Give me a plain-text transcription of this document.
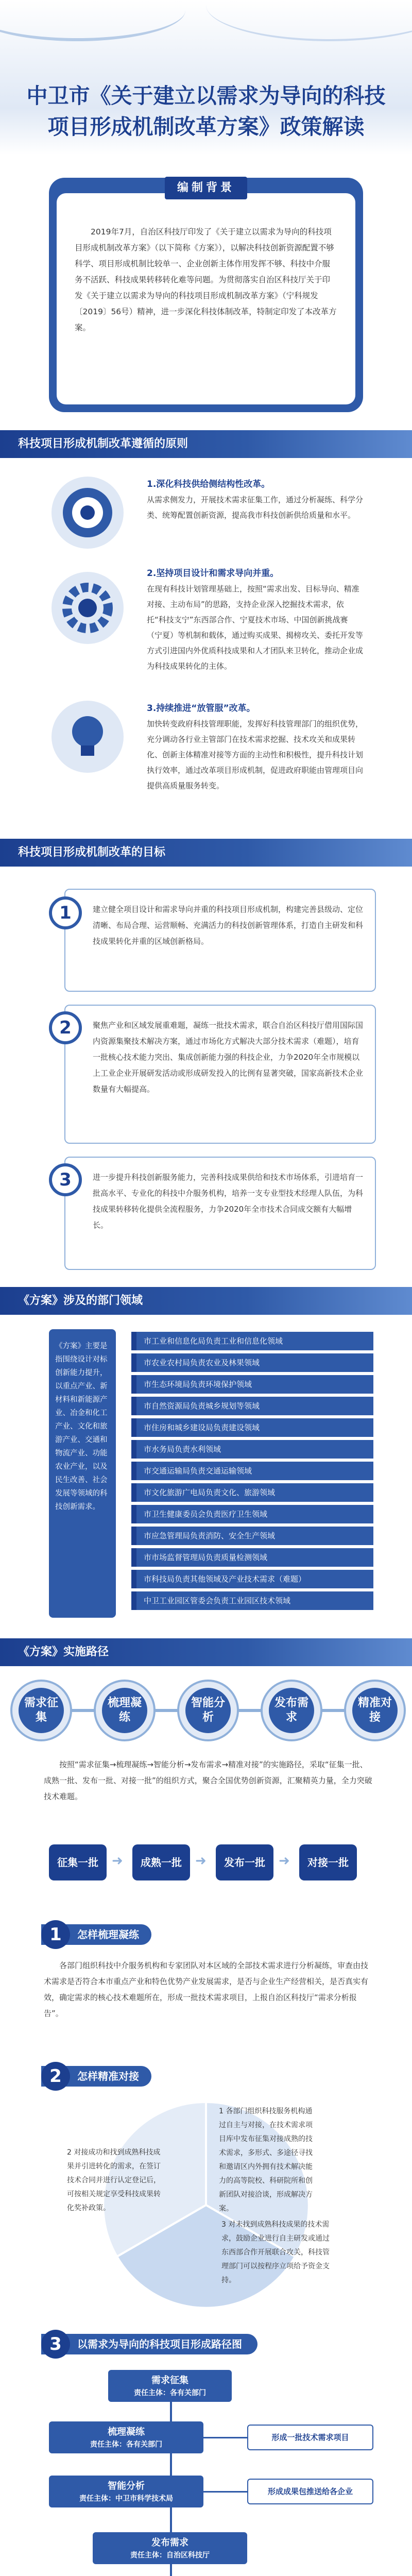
中卫市《关于建立以需求为导向的科技
项目形成机制改革方案》政策解读
2019年7月，自治区科技厅印发了《关于建立以需求为导向的科技项目形成机制改革方案》（以下简称《方案》），以解决科技创新资源配置不够科学、项目形成机制比较单一、企业创新主体作用发挥不够、科技中介服务不活跃、科技成果转移转化难等问题。为贯彻落实自治区科技厅关于印发《关于建立以需求为导向的科技项目形成机制改革方案》（宁科规发〔2019〕56号）精神，进一步深化科技体制改革，特制定印发了本改革方案。
编制背景
科技项目形成机制改革遵循的原则
1.深化科技供给侧结构性改革。
从需求侧发力，开展技术需求征集工作，通过分析凝练、科学分类、统筹配置创新资源，提高我市科技创新供给质量和水平。
2.坚持项目设计和需求导向并重。
在现有科技计划管理基础上，按照“需求出发、目标导向、精准对接、主动布局”的思路，支持企业深入挖掘技术需求，依托“科技支宁”东西部合作、宁夏技术市场、中国创新挑战赛（宁夏）等机制和载体，通过购买成果、揭榜攻关、委托开发等方式引进国内外优质科技成果和人才团队来卫转化，推动企业成为科技成果转化的主体。
3.持续推进“放管服”改革。
加快转变政府科技管理职能，发挥好科技管理部门的组织优势，充分调动各行业主管部门在技术需求挖掘、技术攻关和成果转化、创新主体精准对接等方面的主动性和积极性，提升科技计划执行效率，通过改革项目形成机制，促进政府职能由管理项目向提供高质量服务转变。
科技项目形成机制改革的目标
1	建立健全项目设计和需求导向并重的科技项目形成机制，构建完善县级动、定位清晰、布局合理、运营顺畅、充满活力的科技创新管理体系，打造自主研发和科技成果转化并重的区域创新格局。
2	聚焦产业和区域发展重难题，凝练一批技术需求，联合自治区科技厅借用国际国内资源集聚技术解决方案，通过市场化方式解决大部分技术需求（难题），培育一批核心技术能力突出、集成创新能力强的科技企业，力争2020年全市规模以上工业企业开展研发活动或形成研发投入的比例有显著突破，国家高新技术企业数量有大幅提高。
3	进一步提升科技创新服务能力，完善科技成果供给和技术市场体系，引进培育一批高水平、专业化的科技中介服务机构，培养一支专业型技术经理人队伍，为科技成果转移转化提供全流程服务，力争2020年全市技术合同成交额有大幅增长。
《方案》涉及的部门领域
《方案》主要是指围绕设计对标创新能力提升，以重点产业、新材料和新能源产业、冶金和化工产业、文化和旅游产业、交通和物流产业、功能农业产业，以及民生改善、社会发展等领域的科技创新需求。
市工业和信息化局负责工业和信息化领域
市农业农村局负责农业及林果领域
市生态环境局负责环境保护领域
市自然资源局负责城乡规划等领域
市住房和城乡建设局负责建设领域
市水务局负责水利领域
市交通运输局负责交通运输领域
市文化旅游广电局负责文化、旅游领域
市卫生健康委员会负责医疗卫生领域
市应急管理局负责消防、安全生产领域
市市场监督管理局负责质量检测领域
市科技局负责其他领域及产业技术需求（难题）
中卫工业园区管委会负责工业园区技术领域
《方案》实施路径
需求征集
梳理凝练
智能分析
发布需求
精准对接
按照“需求征集→梳理凝练→智能分析→发布需求→精准对接”的实施路径，采取“征集一批、成熟一批、发布一批、对接一批”的组织方式，聚合全国优势创新资源，汇聚精英力量，全力突破技术难题。
征集一批	➜	成熟一批	➜	发布一批	➜	对接一批
怎样梳理凝练
1
各部门组织科技中介服务机构和专家团队对本区域的全部技术需求进行分析凝练，审查由技术需求是否符合本市重点产业和特色优势产业发展需求，是否与企业生产经营相关，是否真实有效，确定需求的核心技术难题所在，形成一批技术需求项目，上报自治区科技厅“需求分析报告”。
怎样精准对接
2
1 各部门组织科技服务机构通过自主与对接，在技术需求项目库中发布征集对接成熟的技术需求，多形式、多途径寻找和邀请区内外拥有技术解决能力的高等院校、科研院所和创新团队对接洽谈，形成解决方案。
2 对接成功和找到成熟科技成果并引进转化的需求，在签订技术合同并进行认定登记后，可按相关规定享受科技成果转化奖补政策。
3 对未找到成熟科技成果的技术需求，鼓励企业进行自主研发或通过东西部合作开展联合攻关，科技管理部门可以按程序立项给予资金支持。
以需求为导向的科技项目形成路径图
3
需求征集
责任主体：各有关部门
梳理凝练
责任主体：各有关部门
形成一批技术需求项目
智能分析
责任主体：中卫市科学技术局
形成成果包推送给各企业
发布需求
责任主体：自治区科技厅
